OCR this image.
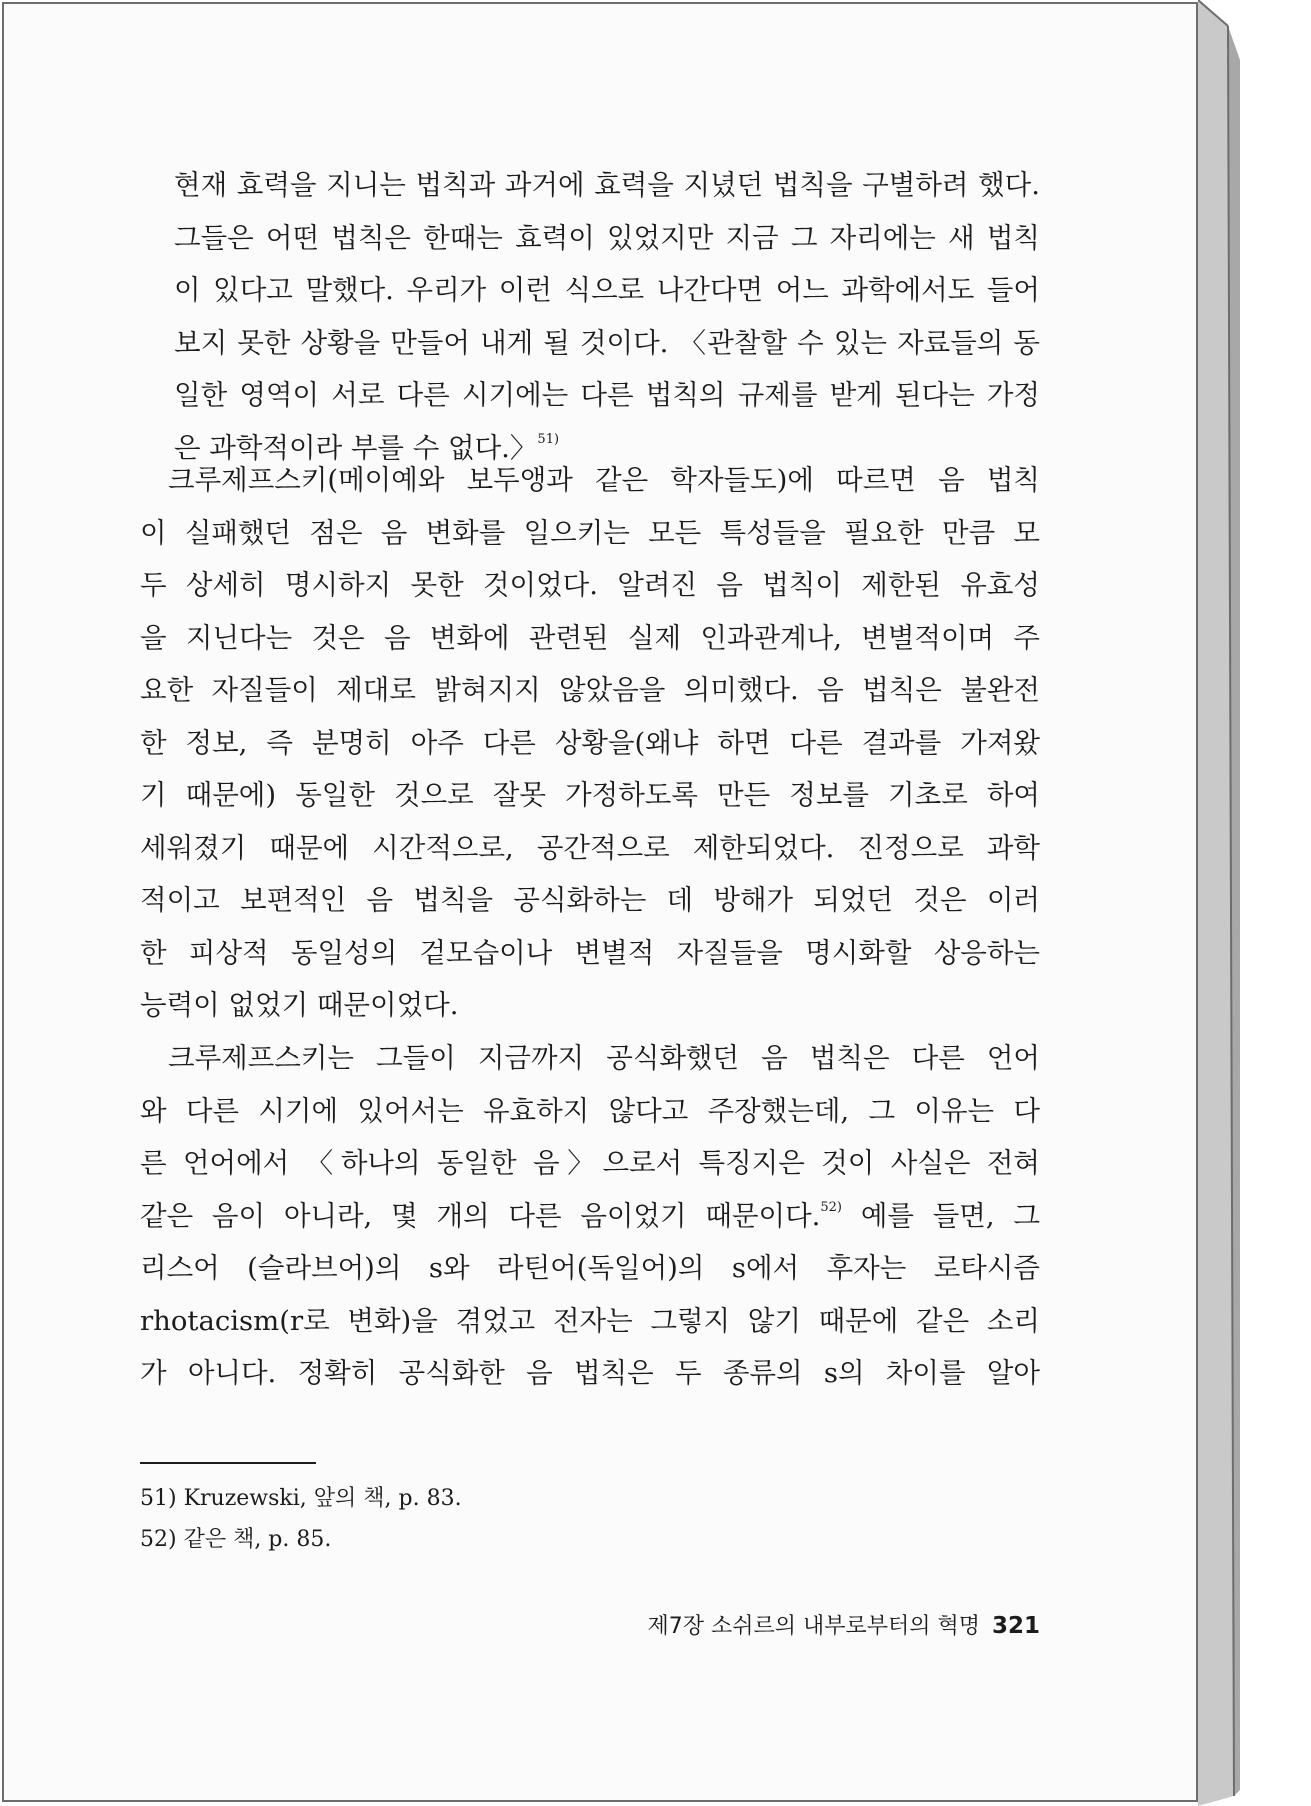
현재 효력을 지니는 법칙과 과거에 효력을 지녔던 법칙을 구별하려 했다.
그들은 어떤 법칙은 한때는 효력이 있었지만 지금 그 자리에는 새 법칙
이 있다고 말했다. 우리가 이런 식으로 나간다면 어느 과학에서도 들어
보지 못한 상황을 만들어 내게 될 것이다. 〈관찰할 수 있는 자료들의 동
일한 영역이 서로 다른 시기에는 다른 법칙의 규제를 받게 된다는 가정
은 과학적이라 부를 수 없다.〉$^{51)}$
크루제프스키(메이예와 보두앵과 같은 학자들도)에 따르면 음 법칙
이 실패했던 점은 음 변화를 일으키는 모든 특성들을 필요한 만큼 모
두 상세히 명시하지 못한 것이었다. 알려진 음 법칙이 제한된 유효성
을 지닌다는 것은 음 변화에 관련된 실제 인과관계나, 변별적이며 주
요한 자질들이 제대로 밝혀지지 않았음을 의미했다. 음 법칙은 불완전
한 정보, 즉 분명히 아주 다른 상황을(왜냐 하면 다른 결과를 가져왔
기 때문에) 동일한 것으로 잘못 가정하도록 만든 정보를 기초로 하여
세워졌기 때문에 시간적으로, 공간적으로 제한되었다. 진정으로 과학
적이고 보편적인 음 법칙을 공식화하는 데 방해가 되었던 것은 이러
한 피상적 동일성의 겉모습이나 변별적 자질들을 명시화할 상응하는
능력이 없었기 때문이었다.
크루제프스키는 그들이 지금까지 공식화했던 음 법칙은 다른 언어
와 다른 시기에 있어서는 유효하지 않다고 주장했는데, 그 이유는 다
른 언어에서 〈하나의 동일한 음〉으로서 특징지은 것이 사실은 전혀
같은 음이 아니라, 몇 개의 다른 음이었기 때문이다.$^{52)}$ 예를 들면, 그
리스어 (슬라브어)의 s와 라틴어(독일어)의 s에서 후자는 로타시즘
rhotacism(r로 변화)을 겪었고 전자는 그렇지 않기 때문에 같은 소리
가 아니다. 정확히 공식화한 음 법칙은 두 종류의 s의 차이를 알아
51) Kruzewski, 앞의 책, p. 83.
52) 같은 책, p. 85.
제7장 소쉬르의 내부로부터의 혁명 321
